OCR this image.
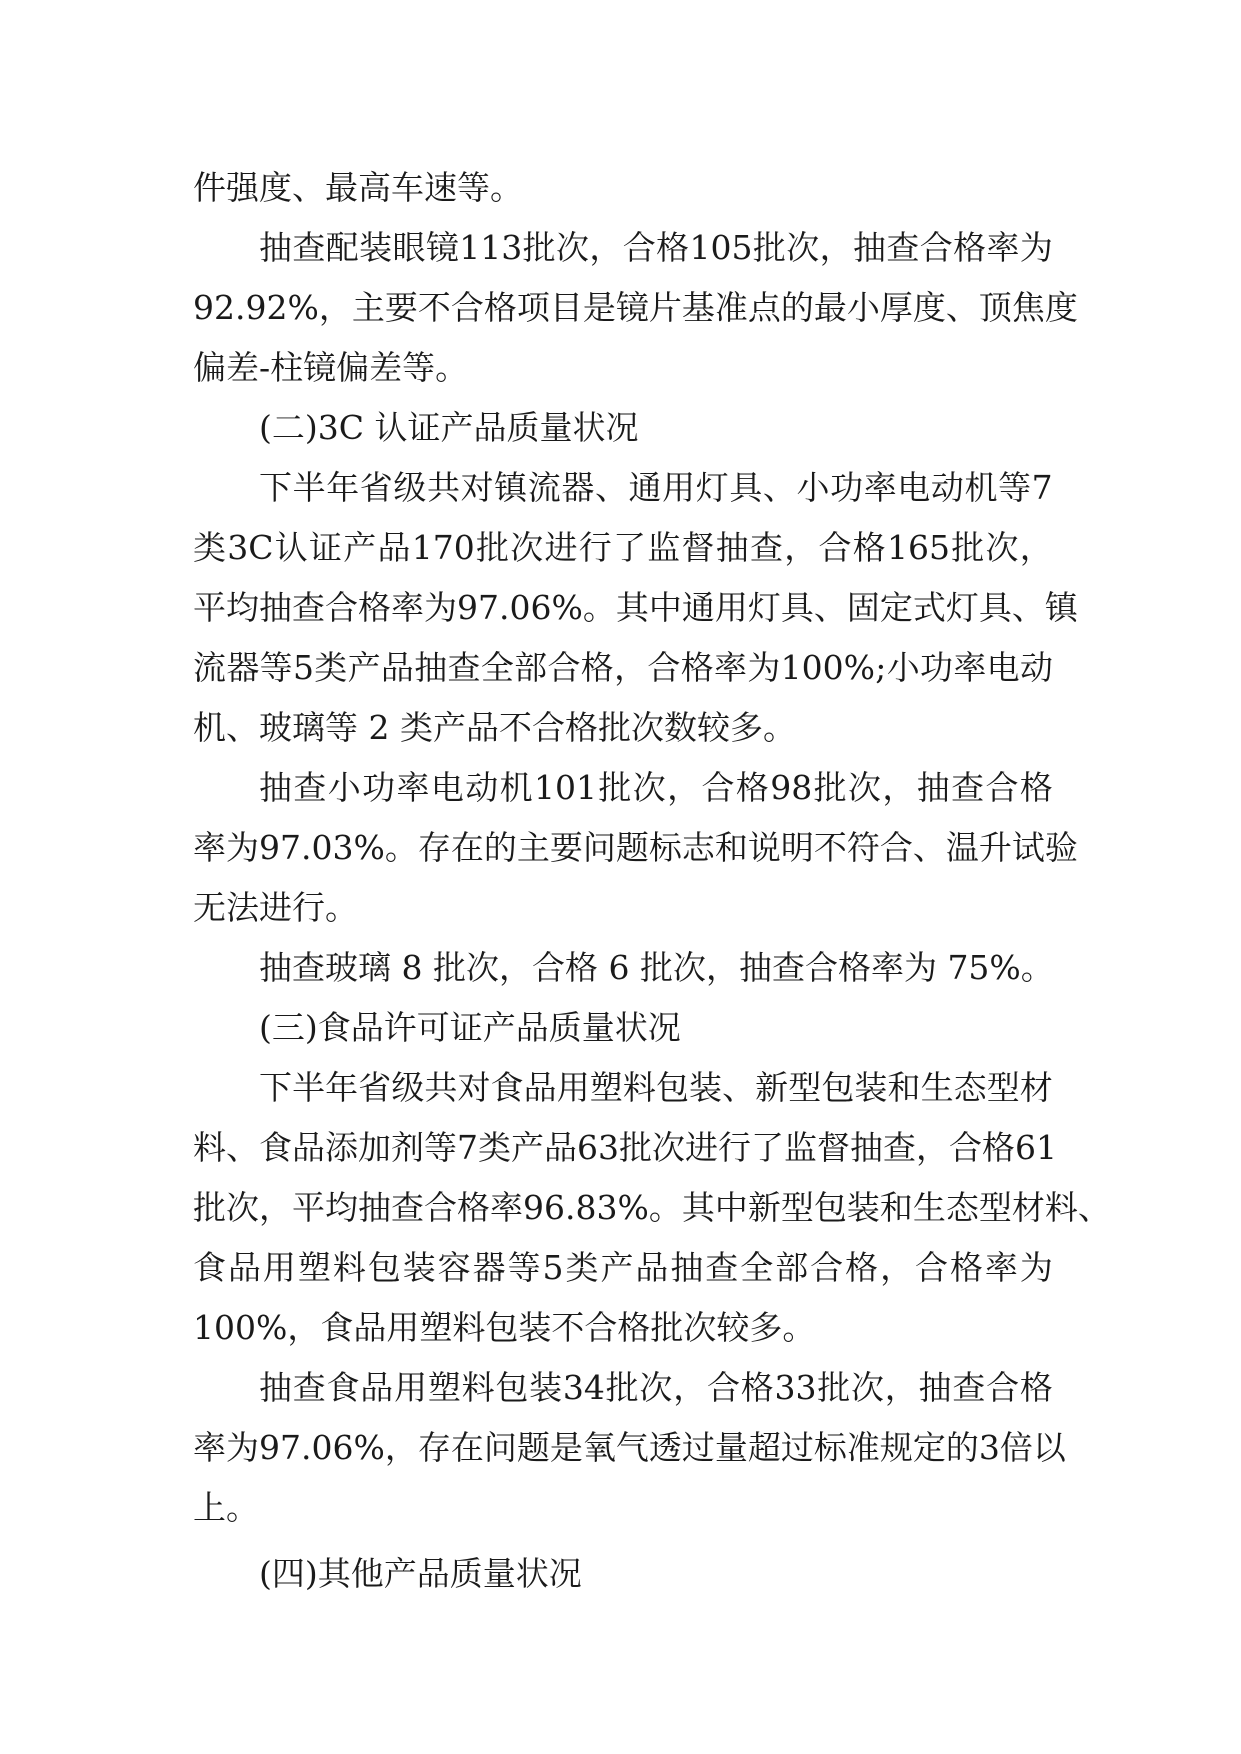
件强度、最高车速等。
抽 查 配 装 眼 镜 113 批 次 ， 合 格 105 批 次 ， 抽 查 合 格 率 为
92.92% ， 主 要 不 合 格 项 目 是 镜 片 基 准 点 的 最 小 厚 度 、 顶 焦 度
偏差-柱镜偏差等。
(二)3C 认证产品质量状况
下 半 年 省 级 共 对 镇 流 器 、 通 用 灯 具 、 小 功 率 电 动 机 等 7
类 3C 认 证 产 品 170 批 次 进 行 了 监 督 抽 查 ， 合 格 165 批 次 ，
平 均 抽 查 合 格 率 为 97.06% 。 其 中 通 用 灯 具 、 固 定 式 灯 具 、 镇
流 器 等 5 类 产 品 抽 查 全 部 合 格 ， 合 格 率 为 100% ; 小 功 率 电 动
机、玻璃等 2 类产品不合格批次数较多。
抽 查 小 功 率 电 动 机 101 批 次 ， 合 格 98 批 次 ， 抽 查 合 格
率 为 97.03% 。 存 在 的 主 要 问 题 标 志 和 说 明 不 符 合 、 温 升 试 验
无法进行。
抽查玻璃 8 批次，合格 6 批次，抽查合格率为 75%。
(三)食品许可证产品质量状况
下 半 年 省 级 共 对 食 品 用 塑 料 包 装 、 新 型 包 装 和 生 态 型 材
料 、 食 品 添 加 剂 等 7 类 产 品 63 批 次 进 行 了 监 督 抽 查 ， 合 格 61
批 次 ， 平 均 抽 查 合 格 率 96.83% 。 其 中 新 型 包 装 和 生 态 型 材 料 、
食 品 用 塑 料 包 装 容 器 等 5 类 产 品 抽 查 全 部 合 格 ， 合 格 率 为
100%，食品用塑料包装不合格批次较多。
抽 查 食 品 用 塑 料 包 装 34 批 次 ， 合 格 33 批 次 ， 抽 查 合 格
率 为 97.06% ， 存 在 问 题 是 氧 气 透 过 量 超 过 标 准 规 定 的 3 倍 以
上。
(四)其他产品质量状况
